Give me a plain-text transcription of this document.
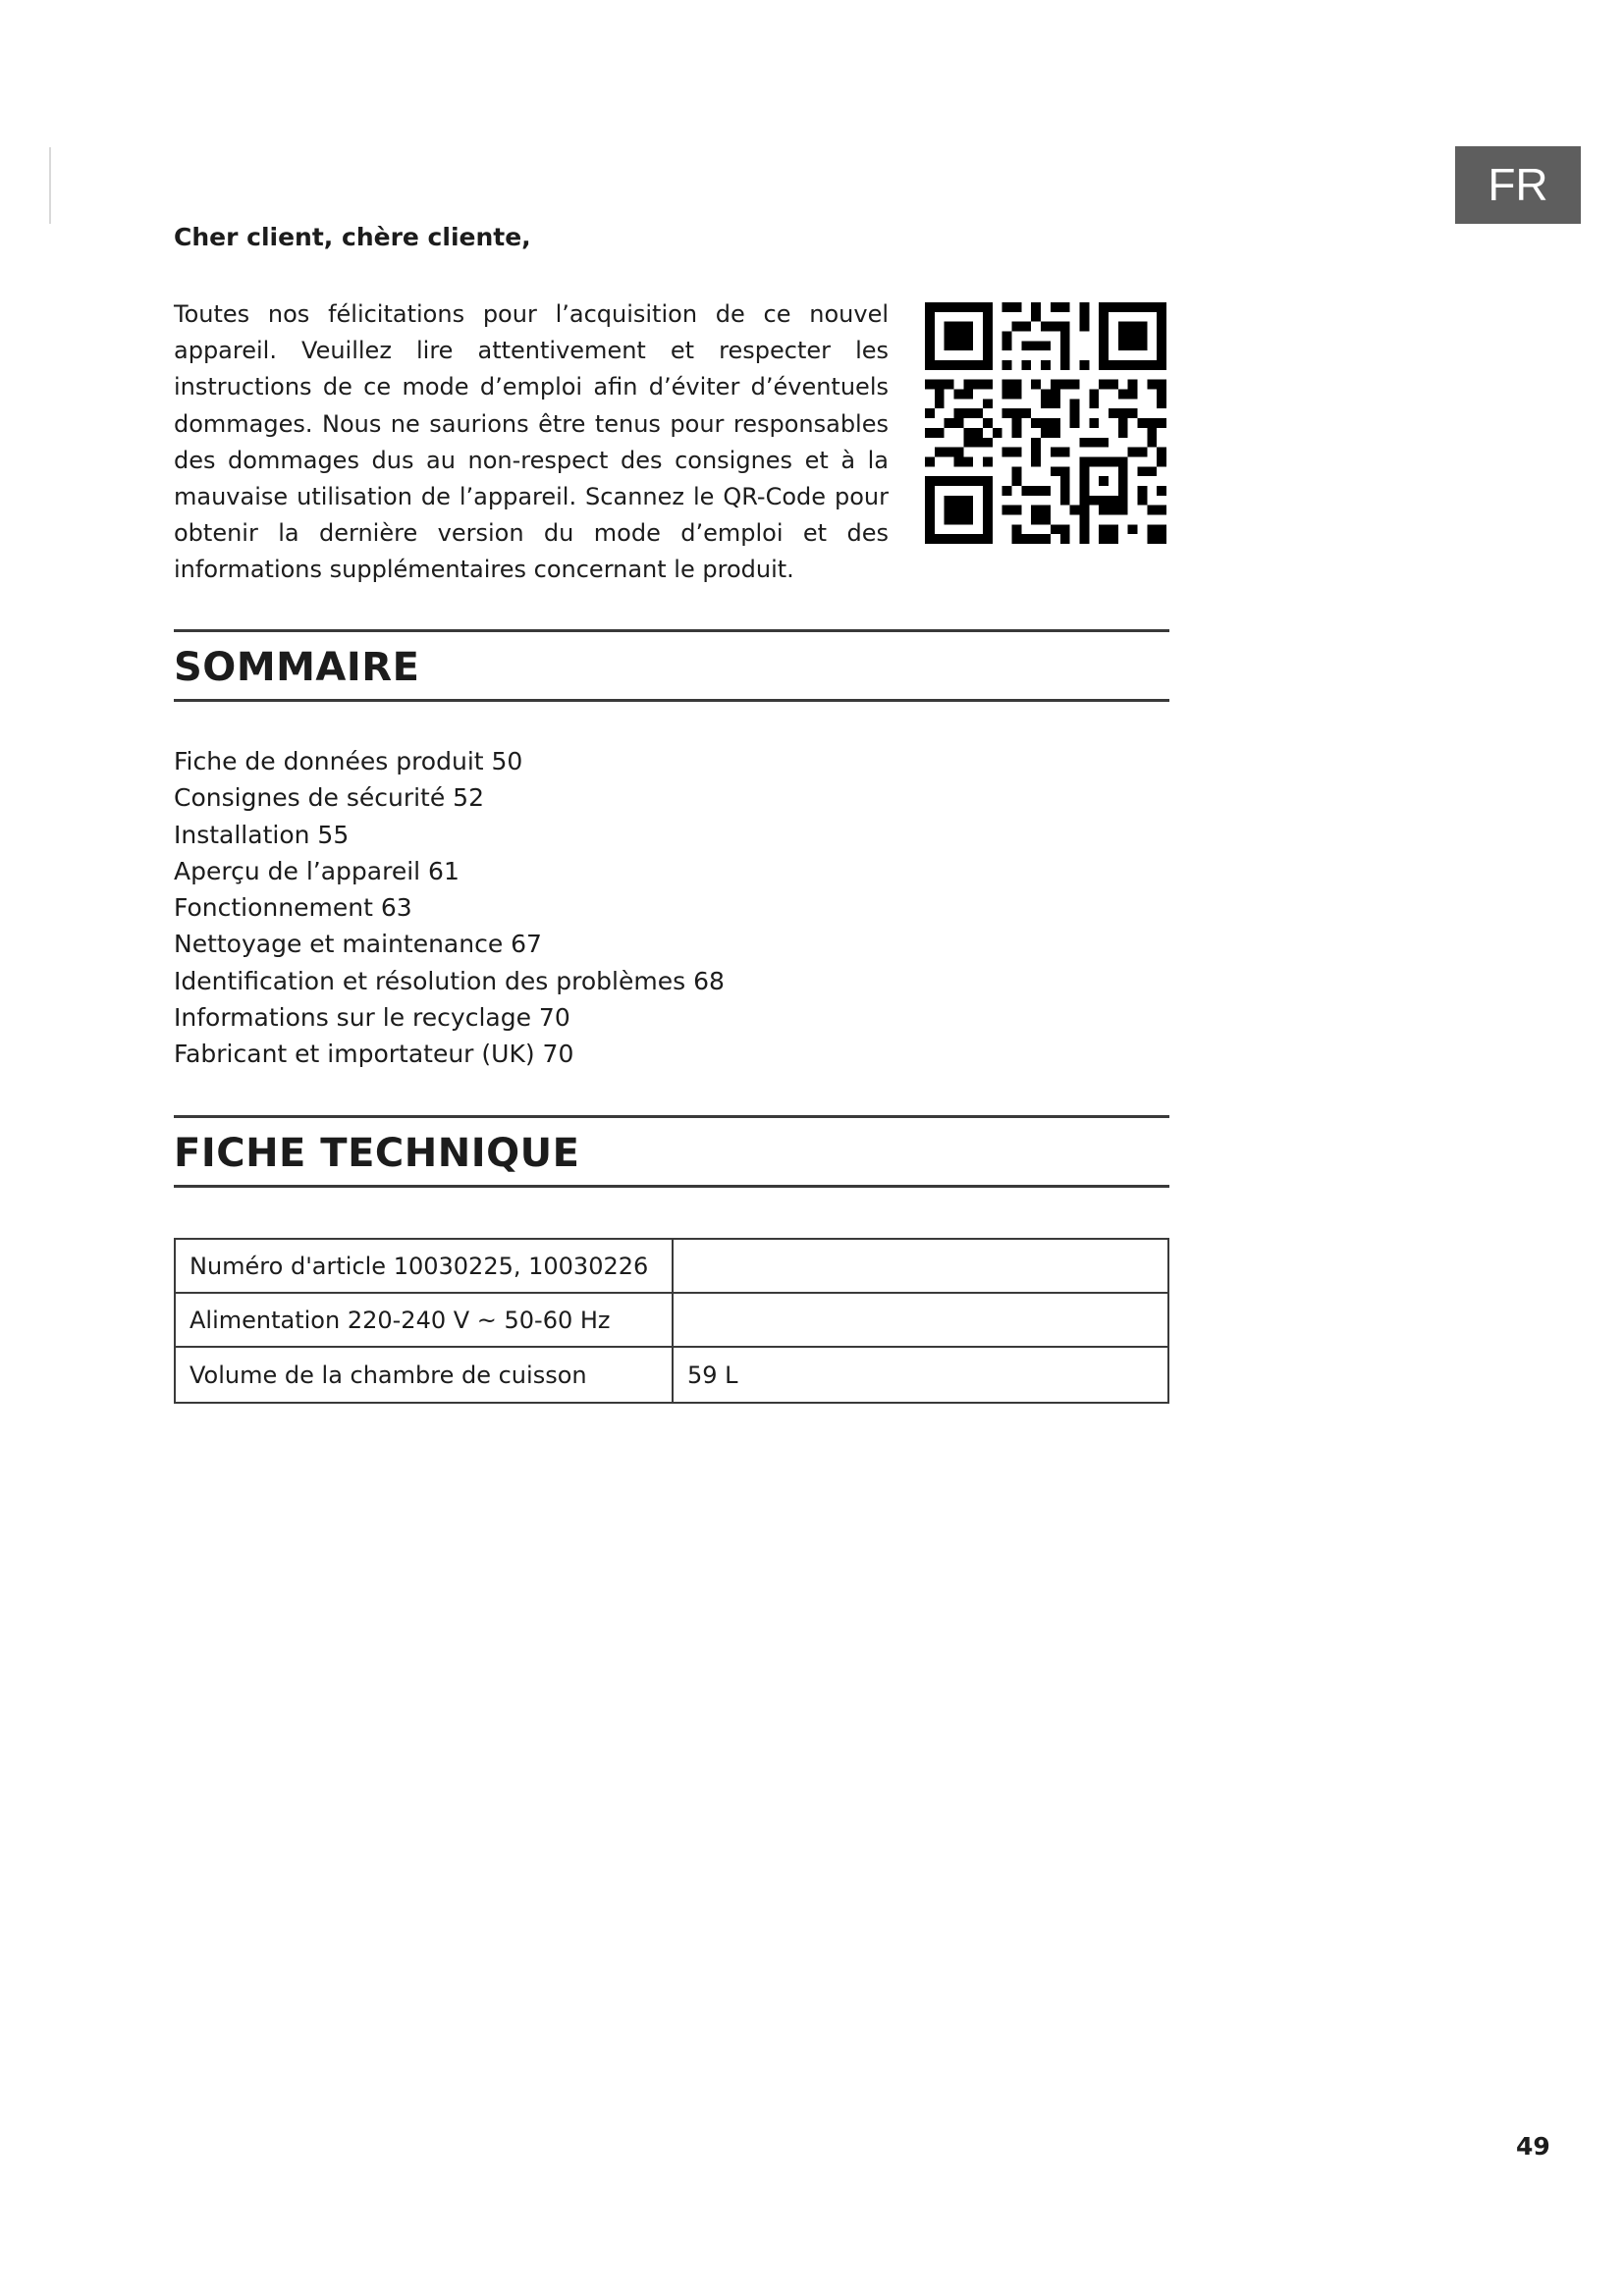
FR
Cher client, chère cliente,

Toutes nos félicitations pour l’acquisition de ce nouvel appareil. Veuillez lire attentivement et respecter les instructions de ce mode d’emploi afin d’éviter d’éventuels dommages. Nous ne saurions être tenus pour responsables des dommages dus au non-respect des consignes et à la mauvaise utilisation de l’appareil. Scannez le QR-Code pour obtenir la dernière version du mode d’emploi et des informations supplémentaires concernant le produit.

SOMMAIRE
Fiche de données produit 50
Consignes de sécurité 52
Installation 55
Aperçu de l’appareil 61
Fonctionnement 63
Nettoyage et maintenance 67
Identification et résolution des problèmes 68
Informations sur le recyclage 70
Fabricant et importateur (UK) 70
FICHE TECHNIQUE
Numéro d'article 10030225, 10030226	
Alimentation 220-240 V ~ 50-60 Hz	
Volume de la chambre de cuisson	59 L
49
